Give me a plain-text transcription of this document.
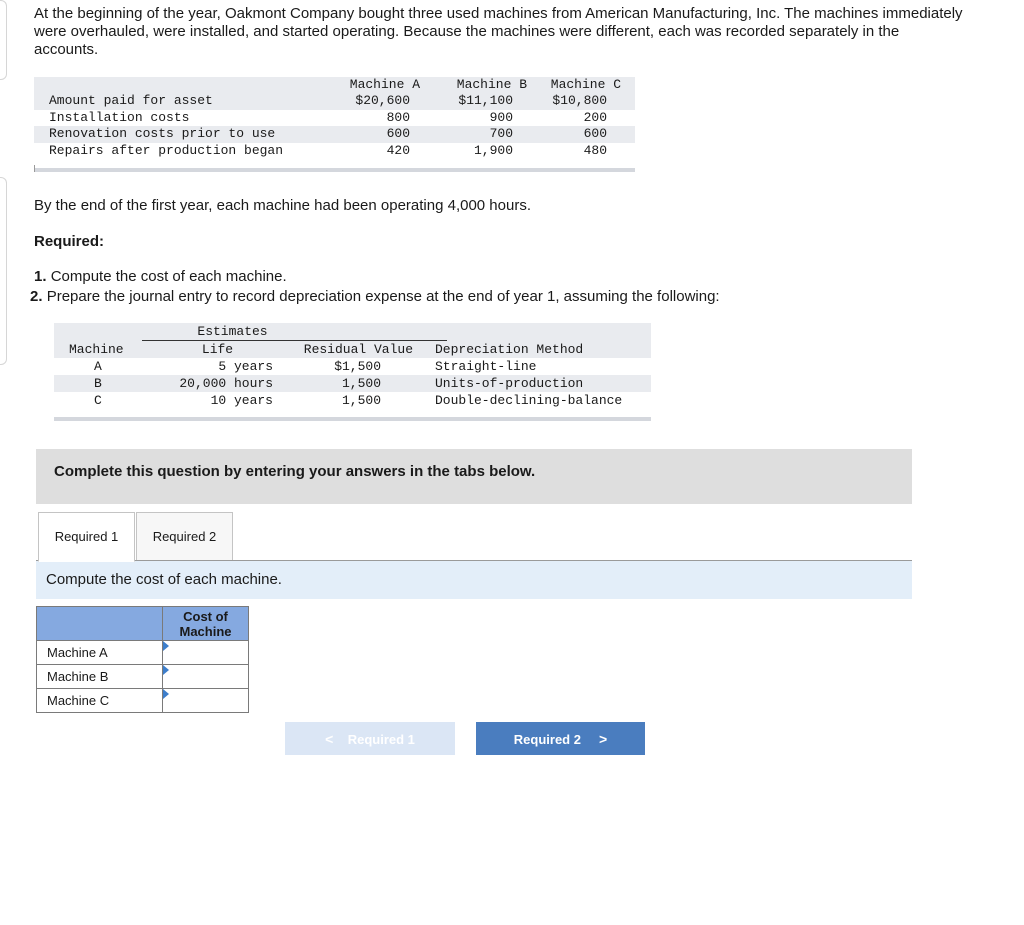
At the beginning of the year, Oakmont Company bought three used machines from American Manufacturing, Inc. The machines immediately were overhauled, were installed, and started operating. Because the machines were different, each was recorded separately in the accounts.

	Machine A	Machine B	Machine C
Amount paid for asset	$20,600	$11,100	$10,800
Installation costs	800	900	200
Renovation costs prior to use	600	700	600
Repairs after production began	420	1,900	480

By the end of the first year, each machine had been operating 4,000 hours.

Required:

1. Compute the cost of each machine.

2. Prepare the journal entry to record depreciation expense at the end of year 1, assuming the following:

	Estimates		
Machine	Life	Residual Value	Depreciation Method
A	5 years	$1,500	Straight-line
B	20,000 hours	1,500	Units-of-production
C	10 years	1,500	Double-declining-balance
Complete this question by entering your answers in the tabs below.
Required 1	Required 2
Compute the cost of each machine.
	Cost of
Machine
Machine A	

Machine B	

Machine C	
< Required 1	Required 2 >
